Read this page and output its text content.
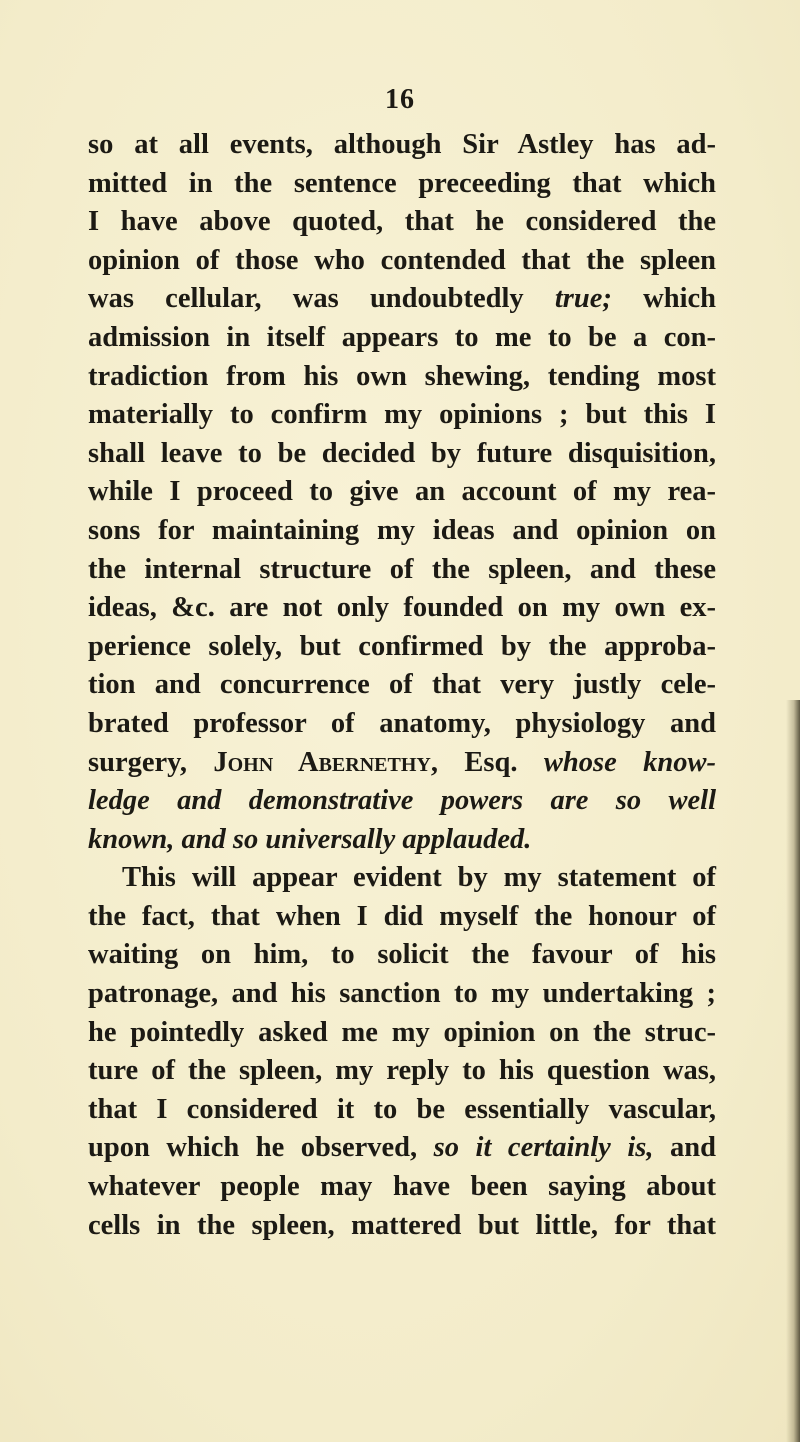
16
so at all events, although Sir Astley has ad-
mitted in the sentence preceeding that which
I have above quoted, that he considered the
opinion of those who contended that the spleen
was cellular, was undoubtedly true; which
admission in itself appears to me to be a con-
tradiction from his own shewing, tending most
materially to confirm my opinions ; but this I
shall leave to be decided by future disquisition,
while I proceed to give an account of my rea-
sons for maintaining my ideas and opinion on
the internal structure of the spleen, and these
ideas, &c. are not only founded on my own ex-
perience solely, but confirmed by the approba-
tion and concurrence of that very justly cele-
brated professor of anatomy, physiology and
surgery, John Abernethy, Esq. whose know-
ledge and demonstrative powers are so well
known, and so universally applauded.
This will appear evident by my statement of
the fact, that when I did myself the honour of
waiting on him, to solicit the favour of his
patronage, and his sanction to my undertaking ;
he pointedly asked me my opinion on the struc-
ture of the spleen, my reply to his question was,
that I considered it to be essentially vascular,
upon which he observed, so it certainly is, and
whatever people may have been saying about
cells in the spleen, mattered but little, for that
